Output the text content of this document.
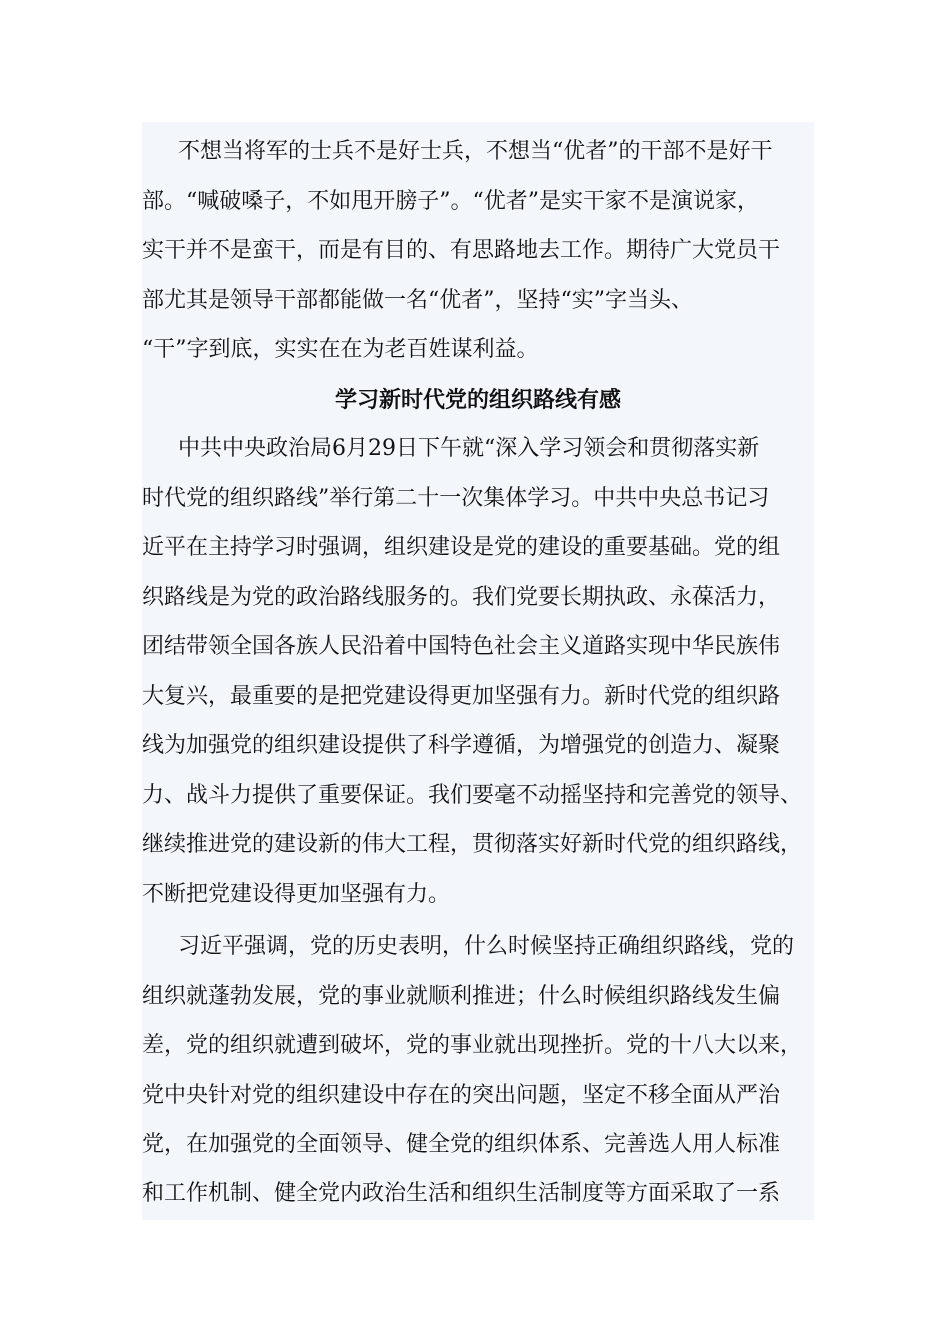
不想当将军的士兵不是好士兵，不想当“优者”的干部不是好干
部。“喊破嗓子，不如甩开膀子”。“优者”是实干家不是演说家，
实干并不是蛮干，而是有目的、有思路地去工作。期待广大党员干
部尤其是领导干部都能做一名“优者”，坚持“实”字当头、
“干”字到底，实实在在为老百姓谋利益。
学习新时代党的组织路线有感
中共中央政治局6月29日下午就“深入学习领会和贯彻落实新
时代党的组织路线”举行第二十一次集体学习。中共中央总书记习
近平在主持学习时强调，组织建设是党的建设的重要基础。党的组
织路线是为党的政治路线服务的。我们党要长期执政、永葆活力，
团结带领全国各族人民沿着中国特色社会主义道路实现中华民族伟
大复兴，最重要的是把党建设得更加坚强有力。新时代党的组织路
线为加强党的组织建设提供了科学遵循，为增强党的创造力、凝聚
力、战斗力提供了重要保证。我们要毫不动摇坚持和完善党的领导、
继续推进党的建设新的伟大工程，贯彻落实好新时代党的组织路线，
不断把党建设得更加坚强有力。
习近平强调，党的历史表明，什么时候坚持正确组织路线，党的
组织就蓬勃发展，党的事业就顺利推进；什么时候组织路线发生偏
差，党的组织就遭到破坏，党的事业就出现挫折。党的十八大以来，
党中央针对党的组织建设中存在的突出问题，坚定不移全面从严治
党，在加强党的全面领导、健全党的组织体系、完善选人用人标准
和工作机制、健全党内政治生活和组织生活制度等方面采取了一系
